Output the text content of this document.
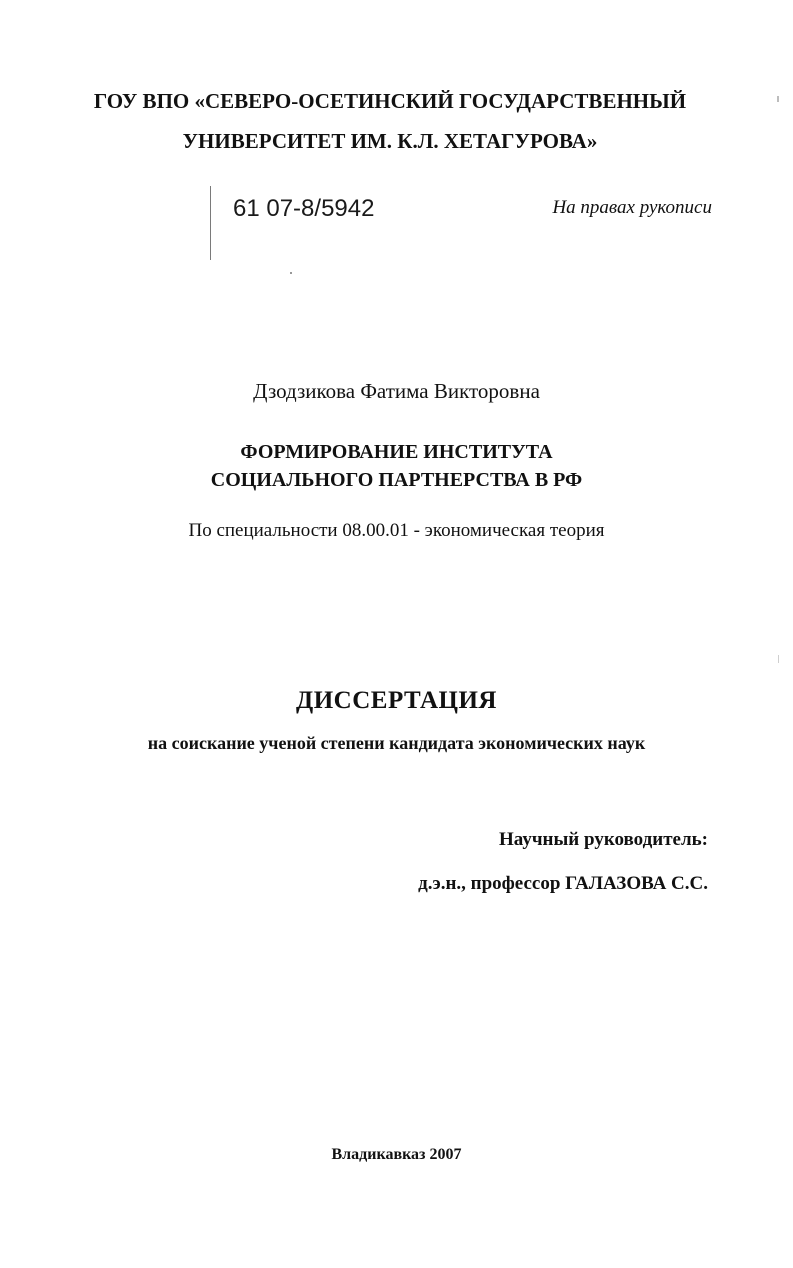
ГОУ ВПО «СЕВЕРО-ОСЕТИНСКИЙ ГОСУДАРСТВЕННЫЙ
УНИВЕРСИТЕТ ИМ. К.Л. ХЕТАГУРОВА»
61 07-8/5942	На правах рукописи
Дзодзикова Фатима Викторовна
ФОРМИРОВАНИЕ ИНСТИТУТА
СОЦИАЛЬНОГО ПАРТНЕРСТВА В РФ
По специальности 08.00.01 - экономическая теория
ДИССЕРТАЦИЯ
на соискание ученой степени кандидата экономических наук
Научный руководитель:
д.э.н., профессор ГАЛАЗОВА С.С.
Владикавказ 2007
